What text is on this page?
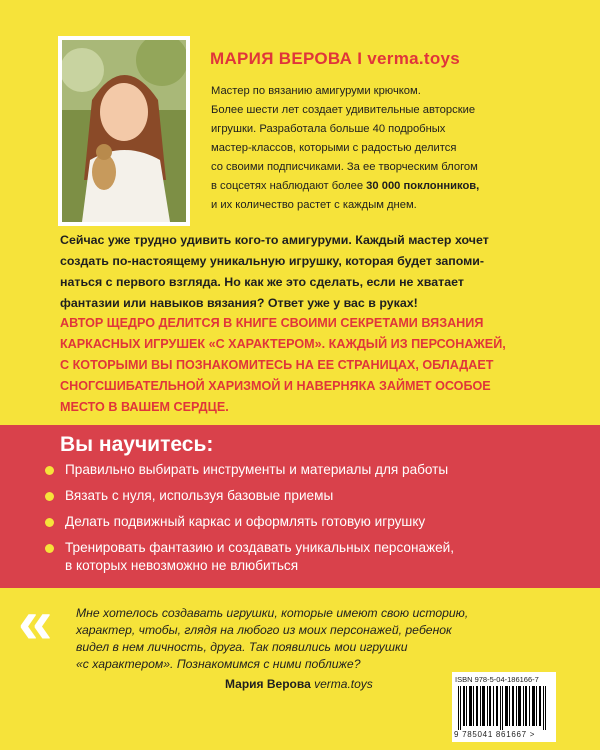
МАРИЯ ВЕРОВА I verma.toys

Мастер по вязанию амигуруми крючком.

Более шести лет создает удивительные авторские

игрушки. Разработала больше 40 подробных

мастер-классов, которыми с радостью делится

со своими подписчиками. За ее творческим блогом

в соцсетях наблюдают более 30 000 поклонников,

и их количество растет с каждым днем.

Сейчас уже трудно удивить кого-то амигуруми. Каждый мастер хочет

создать по-настоящему уникальную игрушку, которая будет запоми-

наться с первого взгляда. Но как же это сделать, если не хватает

фантазии или навыков вязания? Ответ уже у вас в руках!

АВТОР ЩЕДРО ДЕЛИТСЯ В КНИГЕ СВОИМИ СЕКРЕТАМИ ВЯЗАНИЯ

КАРКАСНЫХ ИГРУШЕК «С ХАРАКТЕРОМ». КАЖДЫЙ ИЗ ПЕРСОНАЖЕЙ,

С КОТОРЫМИ ВЫ ПОЗНАКОМИТЕСЬ НА ЕЕ СТРАНИЦАХ, ОБЛАДАЕТ

СНОГСШИБАТЕЛЬНОЙ ХАРИЗМОЙ И НАВЕРНЯКА ЗАЙМЕТ ОСОБОЕ

МЕСТО В ВАШЕМ СЕРДЦЕ.

Вы научитесь:
Правильно выбирать инструменты и материалы для работы
Вязать с нуля, используя базовые приемы
Делать подвижный каркас и оформлять готовую игрушку
Тренировать фантазию и создавать уникальных персонажей,
в которых невозможно не влюбиться
« Мне хотелось создавать игрушки, которые имеют свою историю,

характер, чтобы, глядя на любого из моих персонажей, ребенок

видел в нем личность, друга. Так появились мои игрушки

«с характером». Познакомимся с ними поближе?

Мария Верова verma.toys	ISBN 978-5-04-186166-7
9 785041 861667 >
